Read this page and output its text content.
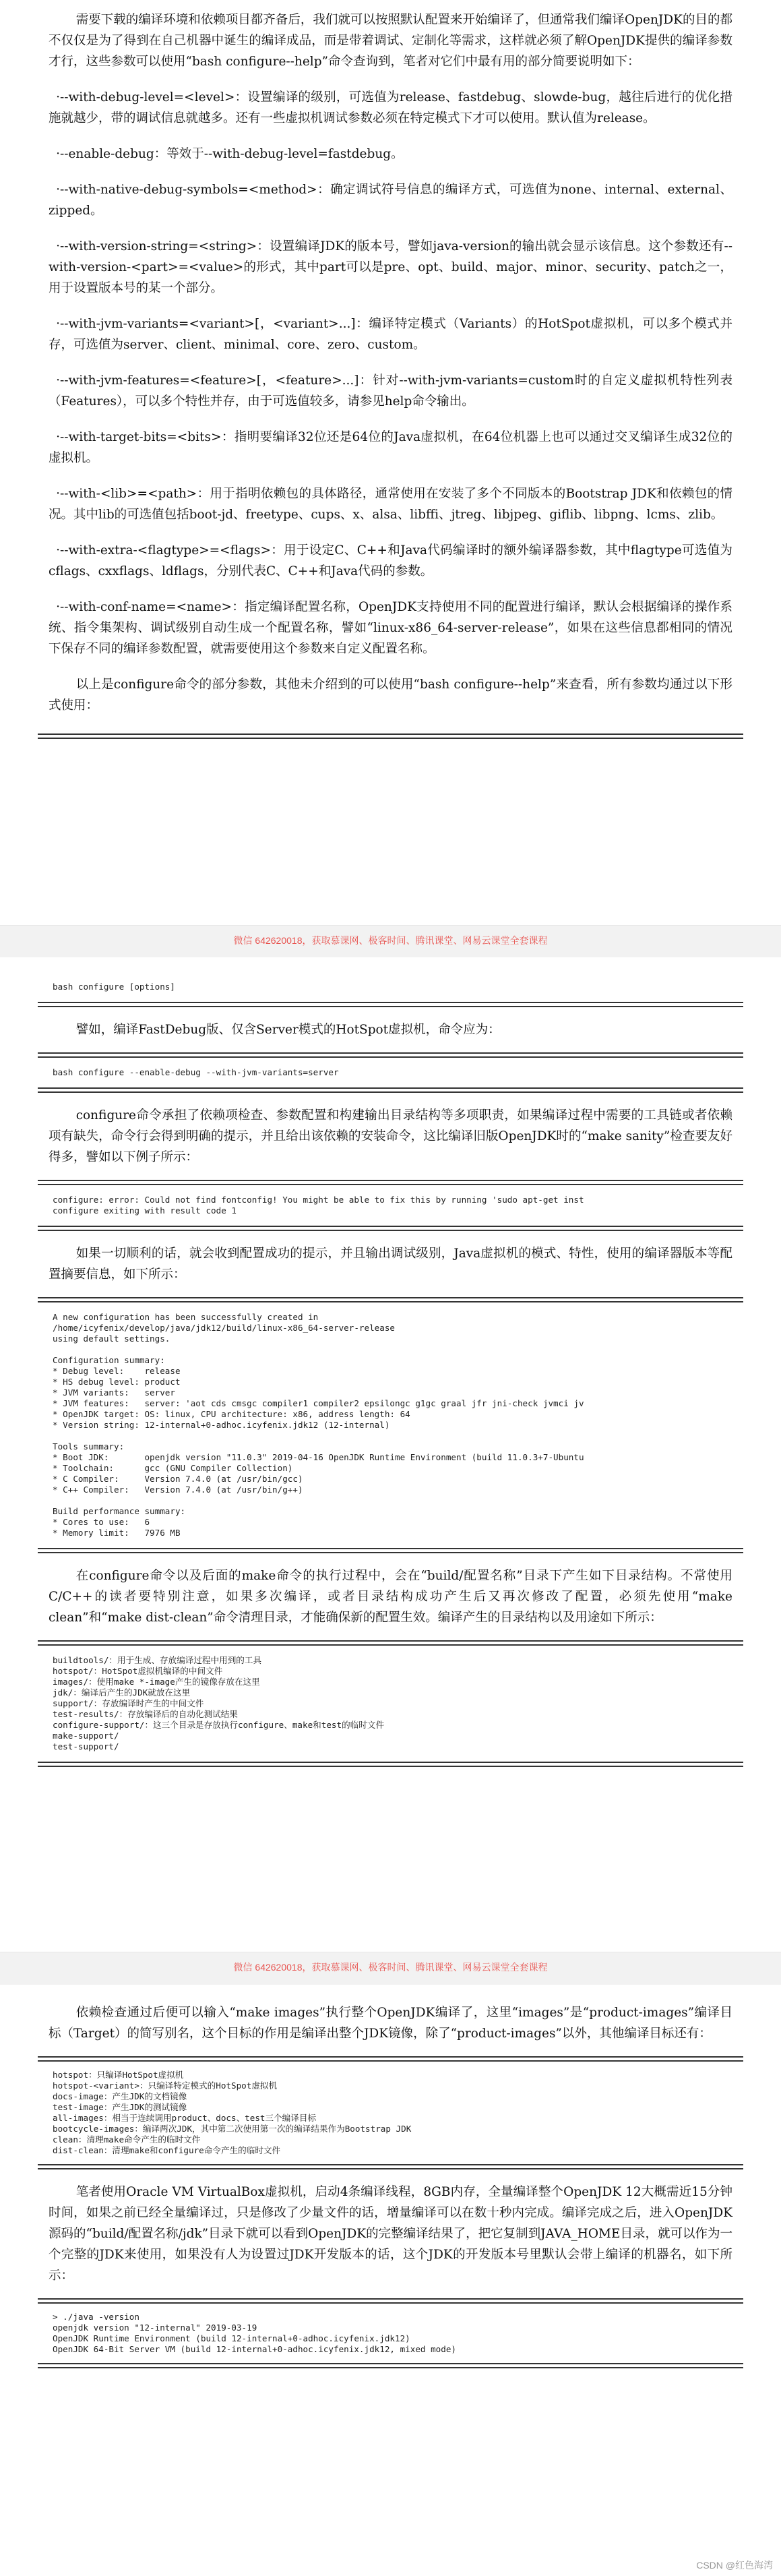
需要下载的编译环境和依赖项目都齐备后，我们就可以按照默认配置来开始编译了，但通常我们编译OpenJDK的目的都不仅仅是为了得到在自己机器中诞生的编译成品，而是带着调试、定制化等需求，这样就必须了解OpenJDK提供的编译参数才行，这些参数可以使用“bash configure--help”命令查询到，笔者对它们中最有用的部分简要说明如下：

·--with-debug-level=<level>：设置编译的级别，可选值为release、fastdebug、slowde-bug，越往后进行的优化措施就越少，带的调试信息就越多。还有一些虚拟机调试参数必须在特定模式下才可以使用。默认值为release。

·--enable-debug：等效于--with-debug-level=fastdebug。

·--with-native-debug-symbols=<method>：确定调试符号信息的编译方式，可选值为none、internal、external、zipped。

·--with-version-string=<string>：设置编译JDK的版本号，譬如java-version的输出就会显示该信息。这个参数还有--with-version-<part>=<value>的形式，其中part可以是pre、opt、build、major、minor、security、patch之一，用于设置版本号的某一个部分。

·--with-jvm-variants=<variant>[，<variant>...]：编译特定模式（Variants）的HotSpot虚拟机，可以多个模式并存，可选值为server、client、minimal、core、zero、custom。

·--with-jvm-features=<feature>[，<feature>...]：针对--with-jvm-variants=custom时的自定义虚拟机特性列表（Features），可以多个特性并存，由于可选值较多，请参见help命令输出。

·--with-target-bits=<bits>：指明要编译32位还是64位的Java虚拟机，在64位机器上也可以通过交叉编译生成32位的虚拟机。

·--with-<lib>=<path>：用于指明依赖包的具体路径，通常使用在安装了多个不同版本的Bootstrap JDK和依赖包的情况。其中lib的可选值包括boot-jd、freetype、cups、x、alsa、libffi、jtreg、libjpeg、giflib、libpng、lcms、zlib。

·--with-extra-<flagtype>=<flags>：用于设定C、C++和Java代码编译时的额外编译器参数，其中flagtype可选值为cflags、cxxflags、ldflags，分别代表C、C++和Java代码的参数。

·--with-conf-name=<name>：指定编译配置名称，OpenJDK支持使用不同的配置进行编译，默认会根据编译的操作系统、指令集架构、调试级别自动生成一个配置名称，譬如“linux-x86_64-server-release”，如果在这些信息都相同的情况下保存不同的编译参数配置，就需要使用这个参数来自定义配置名称。

以上是configure命令的部分参数，其他未介绍到的可以使用“bash configure--help”来查看，所有参数均通过以下形式使用：

微信 642620018，获取慕课网、极客时间、腾讯课堂、网易云课堂全套课程
bash configure [options]

譬如，编译FastDebug版、仅含Server模式的HotSpot虚拟机，命令应为：

bash configure --enable-debug --with-jvm-variants=server

configure命令承担了依赖项检查、参数配置和构建输出目录结构等多项职责，如果编译过程中需要的工具链或者依赖项有缺失，命令行会得到明确的提示，并且给出该依赖的安装命令，这比编译旧版OpenJDK时的“make sanity”检查要友好得多，譬如以下例子所示：

configure: error: Could not find fontconfig! You might be able to fix this by running 'sudo apt-get inst
configure exiting with result code 1

如果一切顺利的话，就会收到配置成功的提示，并且输出调试级别，Java虚拟机的模式、特性，使用的编译器版本等配置摘要信息，如下所示：

A new configuration has been successfully created in
/home/icyfenix/develop/java/jdk12/build/linux-x86_64-server-release
using default settings.

Configuration summary:
* Debug level:    release
* HS debug level: product
* JVM variants:   server
* JVM features:   server: 'aot cds cmsgc compiler1 compiler2 epsilongc g1gc graal jfr jni-check jvmci jv
* OpenJDK target: OS: linux, CPU architecture: x86, address length: 64
* Version string: 12-internal+0-adhoc.icyfenix.jdk12 (12-internal)

Tools summary:
* Boot JDK:       openjdk version "11.0.3" 2019-04-16 OpenJDK Runtime Environment (build 11.0.3+7-Ubuntu
* Toolchain:      gcc (GNU Compiler Collection)
* C Compiler:     Version 7.4.0 (at /usr/bin/gcc)
* C++ Compiler:   Version 7.4.0 (at /usr/bin/g++)

Build performance summary:
* Cores to use:   6
* Memory limit:   7976 MB

在configure命令以及后面的make命令的执行过程中，会在“build/配置名称”目录下产生如下目录结构。不常使用C/C++的读者要特别注意，如果多次编译，或者目录结构成功产生后又再次修改了配置，必须先使用“make clean”和“make dist-clean”命令清理目录，才能确保新的配置生效。编译产生的目录结构以及用途如下所示：

buildtools/：用于生成、存放编译过程中用到的工具
hotspot/：HotSpot虚拟机编译的中间文件
images/：使用make *-image产生的镜像存放在这里
jdk/：编译后产生的JDK就放在这里
support/：存放编译时产生的中间文件
test-results/：存放编译后的自动化测试结果
configure-support/：这三个目录是存放执行configure、make和test的临时文件
make-support/
test-support/
微信 642620018，获取慕课网、极客时间、腾讯课堂、网易云课堂全套课程

依赖检查通过后便可以输入“make images”执行整个OpenJDK编译了，这里“images”是“product-images”编译目标（Target）的简写别名，这个目标的作用是编译出整个JDK镜像，除了“product-images”以外，其他编译目标还有：

hotspot：只编译HotSpot虚拟机
hotspot-<variant>：只编译特定模式的HotSpot虚拟机
docs-image：产生JDK的文档镜像
test-image：产生JDK的测试镜像
all-images：相当于连续调用product、docs、test三个编译目标
bootcycle-images：编译两次JDK，其中第二次使用第一次的编译结果作为Bootstrap JDK
clean：清理make命令产生的临时文件
dist-clean：清理make和configure命令产生的临时文件

笔者使用Oracle VM VirtualBox虚拟机，启动4条编译线程，8GB内存，全量编译整个OpenJDK 12大概需近15分钟时间，如果之前已经全量编译过，只是修改了少量文件的话，增量编译可以在数十秒内完成。编译完成之后，进入OpenJDK源码的“build/配置名称/jdk”目录下就可以看到OpenJDK的完整编译结果了，把它复制到JAVA_HOME目录，就可以作为一个完整的JDK来使用，如果没有人为设置过JDK开发版本的话，这个JDK的开发版本号里默认会带上编译的机器名，如下所示：

> ./java -version
openjdk version "12-internal" 2019-03-19
OpenJDK Runtime Environment (build 12-internal+0-adhoc.icyfenix.jdk12)
OpenJDK 64-Bit Server VM (build 12-internal+0-adhoc.icyfenix.jdk12, mixed mode)
CSDN @红色海湾
